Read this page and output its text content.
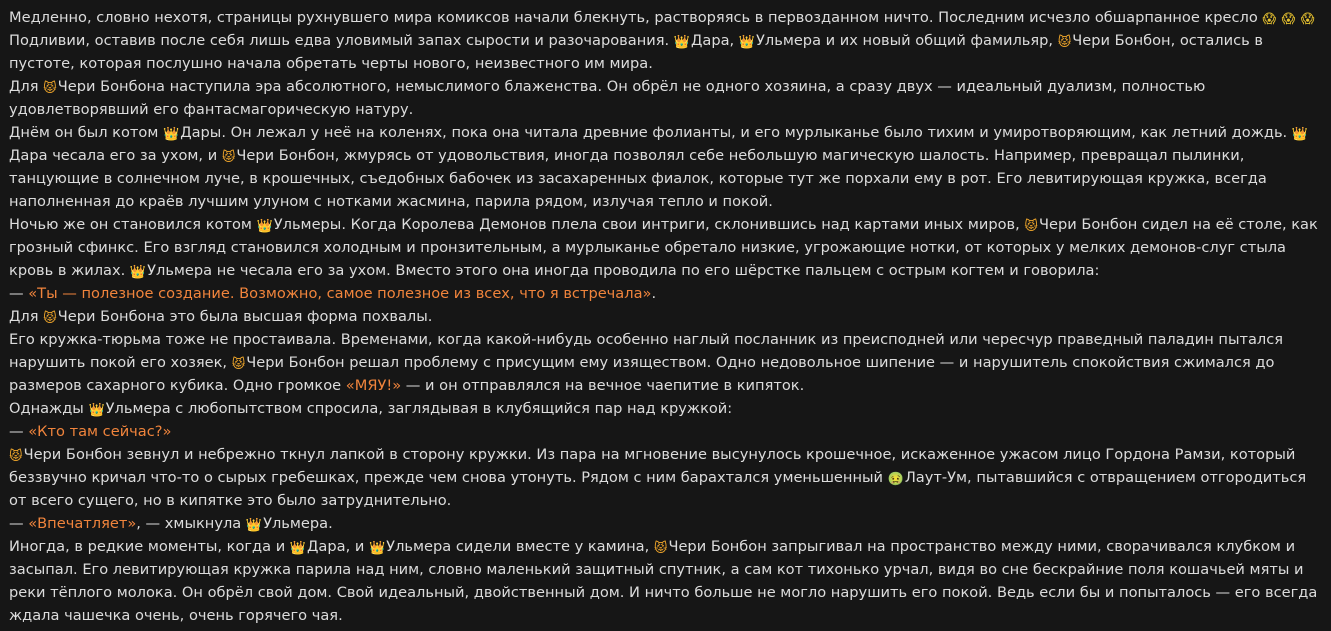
Медленно, словно нехотя, страницы рухнувшего мира комиксов начали блекнуть, растворяясь в первозданном ничто. Последним исчезло обшарпанное кресло 😱 😱 😱 Подливии, оставив после себя лишь едва уловимый запах сырости и разочарования. 👑Дара, 👑Ульмера и их новый общий фамильяр, 😾Чери Бонбон, остались в пустоте, которая послушно начала обретать черты нового, неизвестного им мира.

Для 😾Чери Бонбона наступила эра абсолютного, немыслимого блаженства. Он обрёл не одного хозяина, а сразу двух — идеальный дуализм, полностью удовлетворявший его фантасмагорическую натуру.

Днём он был котом 👑Дары. Он лежал у неё на коленях, пока она читала древние фолианты, и его мурлыканье было тихим и умиротворяющим, как летний дождь. 👑Дара чесала его за ухом, и 😾Чери Бонбон, жмурясь от удовольствия, иногда позволял себе небольшую магическую шалость. Например, превращал пылинки, танцующие в солнечном луче, в крошечных, съедобных бабочек из засахаренных фиалок, которые тут же порхали ему в рот. Его левитирующая кружка, всегда наполненная до краёв лучшим улуном с нотками жасмина, парила рядом, излучая тепло и покой.

Ночью же он становился котом 👑Ульмеры. Когда Королева Демонов плела свои интриги, склонившись над картами иных миров, 😾Чери Бонбон сидел на её столе, как грозный сфинкс. Его взгляд становился холодным и пронзительным, а мурлыканье обретало низкие, угрожающие нотки, от которых у мелких демонов-слуг стыла кровь в жилах. 👑Ульмера не чесала его за ухом. Вместо этого она иногда проводила по его шёрстке пальцем с острым когтем и говорила:

— «Ты — полезное создание. Возможно, самое полезное из всех, что я встречала».

Для 😾Чери Бонбона это была высшая форма похвалы.

Его кружка-тюрьма тоже не простаивала. Временами, когда какой-нибудь особенно наглый посланник из преисподней или чересчур праведный паладин пытался нарушить покой его хозяек, 😾Чери Бонбон решал проблему с присущим ему изяществом. Одно недовольное шипение — и нарушитель спокойствия сжимался до размеров сахарного кубика. Одно громкое «МЯУ!» — и он отправлялся на вечное чаепитие в кипяток.

Однажды 👑Ульмера с любопытством спросила, заглядывая в клубящийся пар над кружкой:

— «Кто там сейчас?»

😾Чери Бонбон зевнул и небрежно ткнул лапкой в сторону кружки. Из пара на мгновение высунулось крошечное, искаженное ужасом лицо Гордона Рамзи, который беззвучно кричал что-то о сырых гребешках, прежде чем снова утонуть. Рядом с ним барахтался уменьшенный 🤢Лаут-Ум, пытавшийся с отвращением отгородиться от всего сущего, но в кипятке это было затруднительно.

— «Впечатляет», — хмыкнула 👑Ульмера.

Иногда, в редкие моменты, когда и 👑Дара, и 👑Ульмера сидели вместе у камина, 😾Чери Бонбон запрыгивал на пространство между ними, сворачивался клубком и засыпал. Его левитирующая кружка парила над ним, словно маленький защитный спутник, а сам кот тихонько урчал, видя во сне бескрайние поля кошачьей мяты и реки тёплого молока. Он обрёл свой дом. Свой идеальный, двойственный дом. И ничто больше не могло нарушить его покой. Ведь если бы и попыталось — его всегда ждала чашечка очень, очень горячего чая.
